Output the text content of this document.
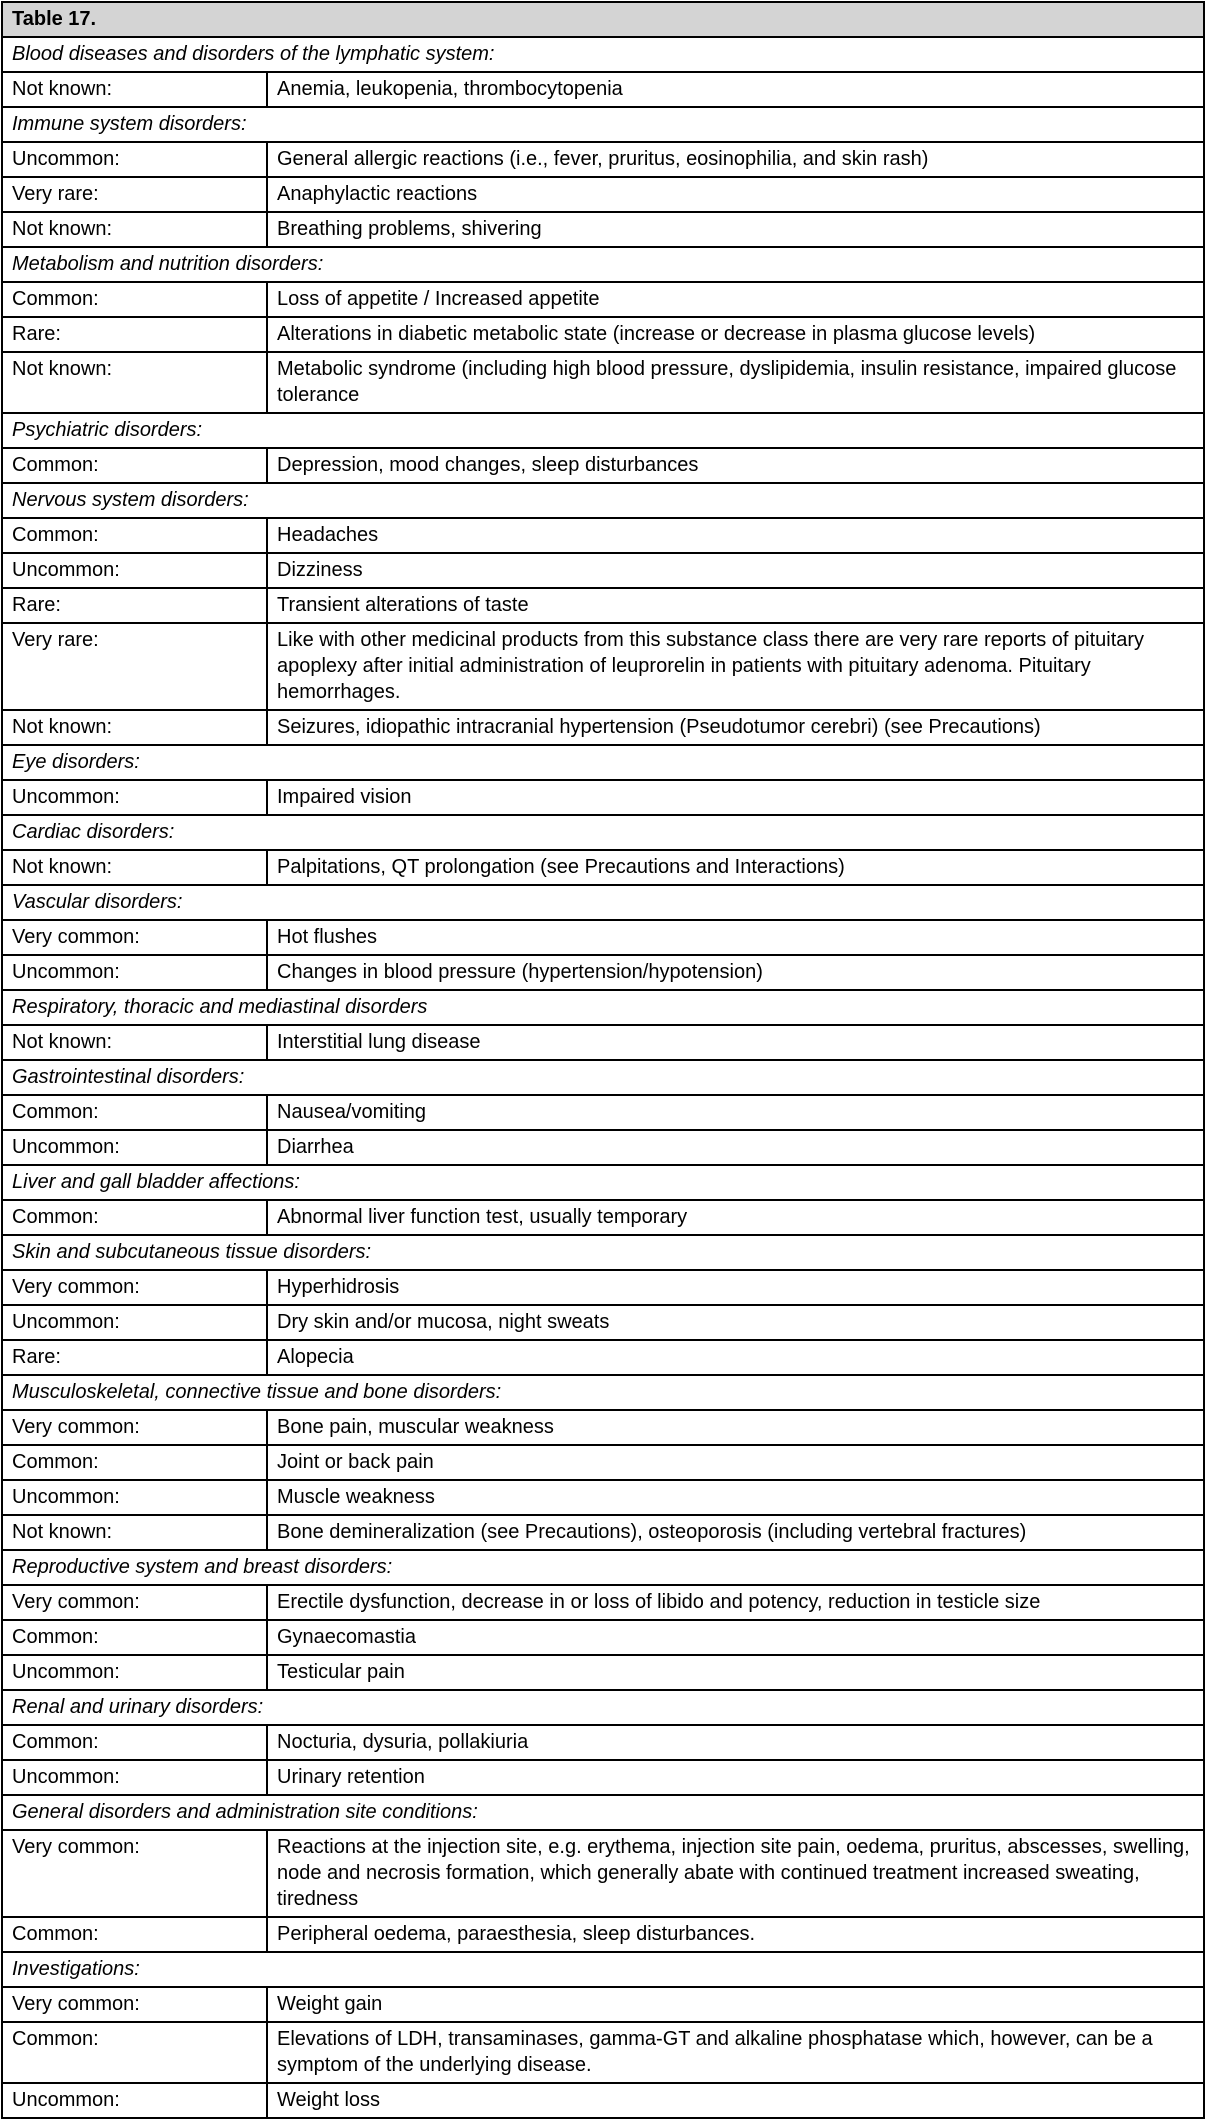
Table 17.	
Blood diseases and disorders of the lymphatic system:	
Not known:	Anemia, leukopenia, thrombocytopenia
Immune system disorders:	
Uncommon:	General allergic reactions (i.e., fever, pruritus, eosinophilia, and skin rash)
Very rare:	Anaphylactic reactions
Not known:	Breathing problems, shivering
Metabolism and nutrition disorders:	
Common:	Loss of appetite / Increased appetite
Rare:	Alterations in diabetic metabolic state (increase or decrease in plasma glucose levels)
Not known:	Metabolic syndrome (including high blood pressure, dyslipidemia, insulin resistance, impaired glucose tolerance
Psychiatric disorders:	
Common:	Depression, mood changes, sleep disturbances
Nervous system disorders:	
Common:	Headaches
Uncommon:	Dizziness
Rare:	Transient alterations of taste
Very rare:	Like with other medicinal products from this substance class there are very rare reports of pituitary apoplexy after initial administration of leuprorelin in patients with pituitary adenoma. Pituitary hemorrhages.
Not known:	Seizures, idiopathic intracranial hypertension (Pseudotumor cerebri) (see Precautions)
Eye disorders:	
Uncommon:	Impaired vision
Cardiac disorders:	
Not known:	Palpitations, QT prolongation (see Precautions and Interactions)
Vascular disorders:	
Very common:	Hot flushes
Uncommon:	Changes in blood pressure (hypertension/hypotension)
Respiratory, thoracic and mediastinal disorders	
Not known:	Interstitial lung disease
Gastrointestinal disorders:	
Common:	Nausea/vomiting
Uncommon:	Diarrhea
Liver and gall bladder affections:	
Common:	Abnormal liver function test, usually temporary
Skin and subcutaneous tissue disorders:	
Very common:	Hyperhidrosis
Uncommon:	Dry skin and/or mucosa, night sweats
Rare:	Alopecia
Musculoskeletal, connective tissue and bone disorders:	
Very common:	Bone pain, muscular weakness
Common:	Joint or back pain
Uncommon:	Muscle weakness
Not known:	Bone demineralization (see Precautions), osteoporosis (including vertebral fractures)
Reproductive system and breast disorders:	
Very common:	Erectile dysfunction, decrease in or loss of libido and potency, reduction in testicle size
Common:	Gynaecomastia
Uncommon:	Testicular pain
Renal and urinary disorders:	
Common:	Nocturia, dysuria, pollakiuria
Uncommon:	Urinary retention
General disorders and administration site conditions:	
Very common:	Reactions at the injection site, e.g. erythema, injection site pain, oedema, pruritus, abscesses, swelling, node and necrosis formation, which generally abate with continued treatment increased sweating, tiredness
Common:	Peripheral oedema, paraesthesia, sleep disturbances.
Investigations:	
Very common:	Weight gain
Common:	Elevations of LDH, transaminases, gamma-GT and alkaline phosphatase which, however, can be a symptom of the underlying disease.
Uncommon:	Weight loss
